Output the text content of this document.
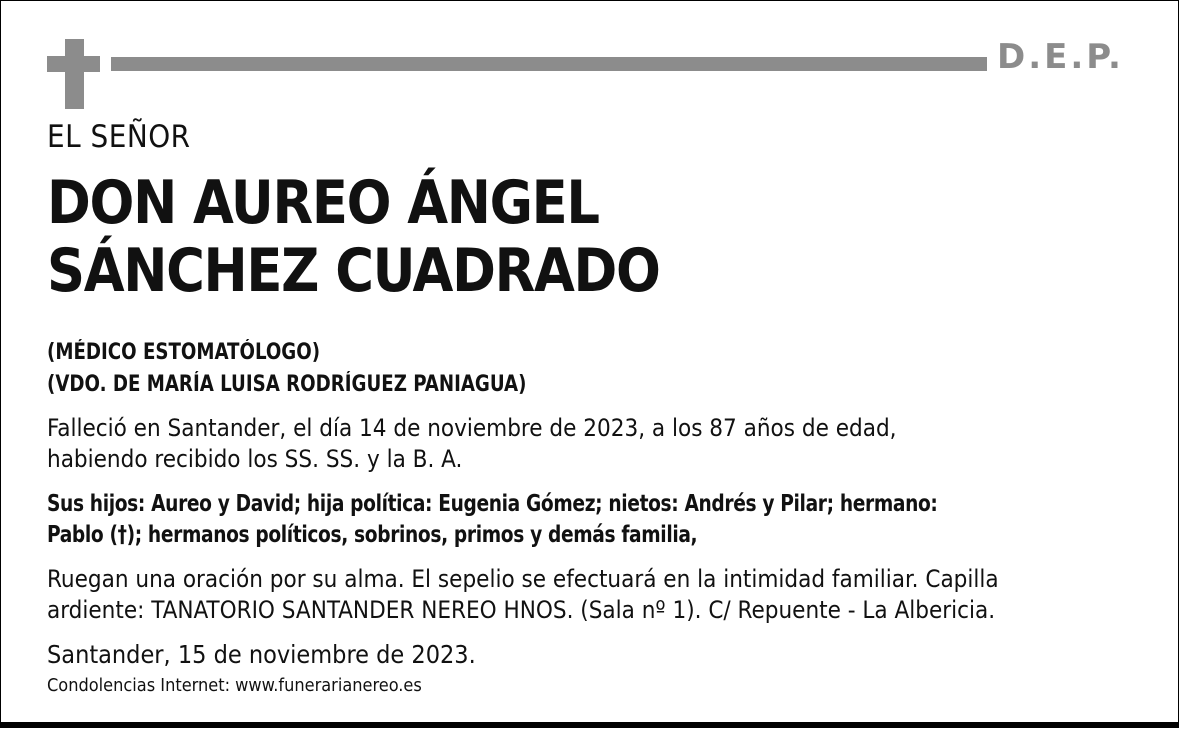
D.E.P.
EL SEÑOR
DON AUREO ÁNGEL
SÁNCHEZ CUADRADO
(MÉDICO ESTOMATÓLOGO)
(VDO. DE MARÍA LUISA RODRÍGUEZ PANIAGUA)
Falleció en Santander, el día 14 de noviembre de 2023, a los 87 años de edad,
habiendo recibido los SS. SS. y la B. A.
Sus hijos: Aureo y David; hija política: Eugenia Gómez; nietos: Andrés y Pilar; hermano:
Pablo (†); hermanos políticos, sobrinos, primos y demás familia,
Ruegan una oración por su alma. El sepelio se efectuará en la intimidad familiar. Capilla
ardiente: TANATORIO SANTANDER NEREO HNOS. (Sala nº 1). C/ Repuente - La Albericia.
Santander, 15 de noviembre de 2023.
Condolencias Internet: www.funerarianereo.es
